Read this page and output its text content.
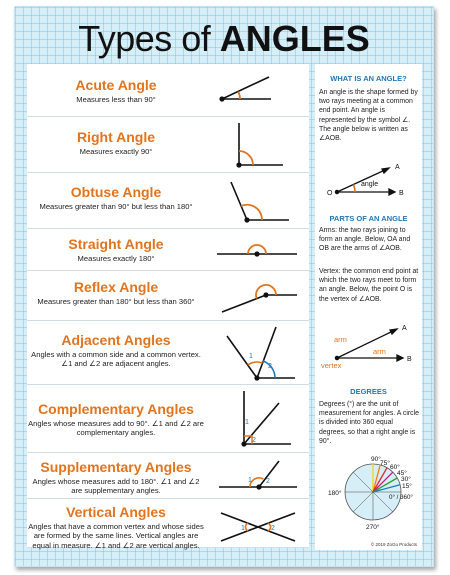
Types of ANGLES
Acute Angle

Measures less than 90°

Right Angle

Measures exactly 90°

Obtuse Angle

Measures greater than 90° but less than 180°

Straight Angle

Measures exactly 180°

Reflex Angle

Measures greater than 180° but less than 360°

Adjacent Angles

Angles with a common side and a common vertex. ∠1 and ∠2 are adjacent angles.

1
2
Complementary Angles

Angles whose measures add to 90°. ∠1 and ∠2 are complementary angles.

1
2
Supplementary Angles

Angles whose measures add to 180°. ∠1 and ∠2 are supplementary angles.

1 2
Vertical Angles

Angles that have a common vertex and whose sides are formed by the same lines. Vertical angles are equal in measure. ∠1 and ∠2 are vertical angles.

1	2
WHAT IS AN ANGLE?

An angle is the shape formed by two rays meeting at a common end point. An angle is represented by the symbol ∠. The angle below is written as ∠AOB.

O
A
B
angle
PARTS OF AN ANGLE

Arms: the two rays joining to form an angle. Below, OA and OB are the arms of ∠AOB.

Vertex: the common end point at which the two rays meet to form an angle. Below, the point O is the vertex of ∠AOB.

A
B
arm
arm
vertex
DEGREES

Degrees (°) are the unit of measurement for angles. A circle is divided into 360 equal degrees, so that a right angle is 90°.

90°
75°
60°
45°
30°
15°
0° / 360°
180°
270°
© 2019 ZoGo Products
